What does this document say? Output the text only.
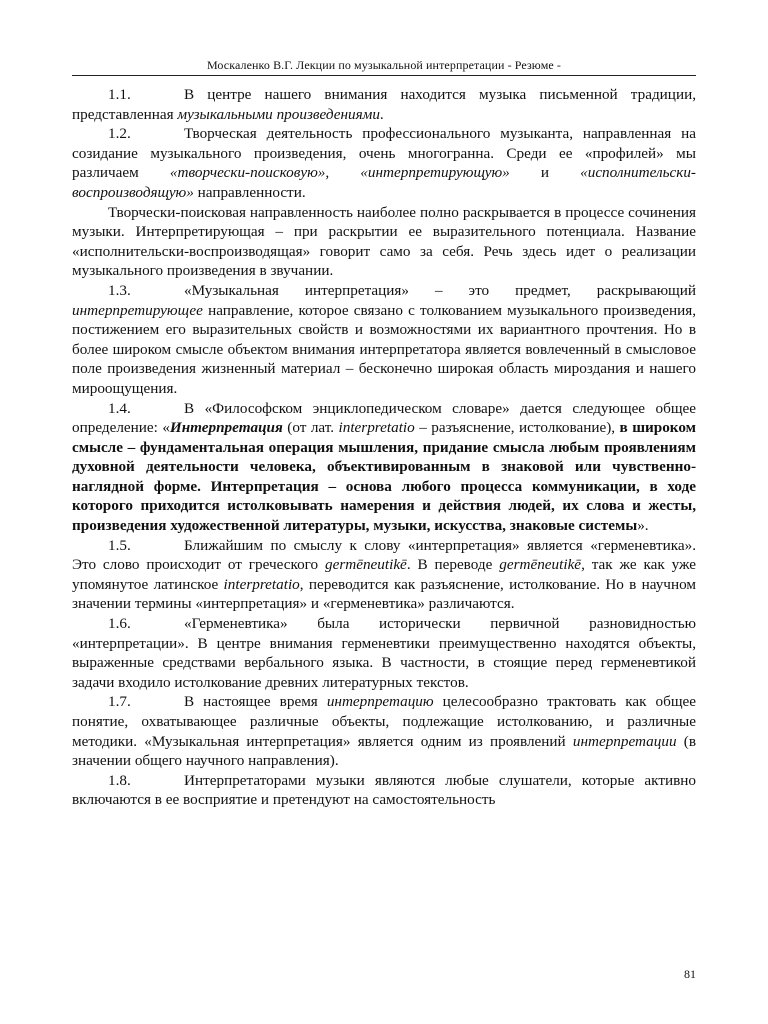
Москаленко В.Г. Лекции по музыкальной интерпретации - Резюме -

1.1.	В центре нашего внимания находится музыка письменной традиции, представленная музыкальными произведениями.

1.2.	Творческая деятельность профессионального музыканта, направленная на созидание музыкального произведения, очень многогранна. Среди ее «профилей» мы различаем «творчески-поисковую», «интерпретирующую» и «исполнительски-воспроизводящую» направленности.

Творчески-поисковая направленность наиболее полно раскрывается в процессе сочинения музыки. Интерпретирующая – при раскрытии ее выразительного потенциала. Название «исполнительски-воспроизводящая» говорит само за себя. Речь здесь идет о реализации музыкального произведения в звучании.

1.3.	«Музыкальная интерпретация» – это предмет, раскрывающий интерпретирующее направление, которое связано с толкованием музыкального произведения, постижением его выразительных свойств и возможностями их вариантного прочтения. Но в более широком смысле объектом внимания интерпретатора является вовлеченный в смысловое поле произведения жизненный материал – бесконечно широкая область мироздания и нашего мироощущения.

1.4.	В «Философском энциклопедическом словаре» дается следующее общее определение: «Интерпретация (от лат. interpretatio – разъяснение, истолкование), в широком смысле – фундаментальная операция мышления, придание смысла любым проявлениям духовной деятельности человека, объективированным в знаковой или чувственно-наглядной форме. Интерпретация – основа любого процесса коммуникации, в ходе которого приходится истолковывать намерения и действия людей, их слова и жесты, произведения художественной литературы, музыки, искусства, знаковые системы».

1.5.	Ближайшим по смыслу к слову «интерпретация» является «герменевтика». Это слово происходит от греческого germēneutikē. В переводе germēneutikē, так же как уже упомянутое латинское interpretatio, переводится как разъяснение, истолкование. Но в научном значении термины «интерпретация» и «герменевтика» различаются.

1.6.	«Герменевтика» была исторически первичной разновидностью «интерпретации». В центре внимания герменевтики преимущественно находятся объекты, выраженные средствами вербального языка. В частности, в стоящие перед герменевтикой задачи входило истолкование древних литературных текстов.

1.7.	В настоящее время интерпретацию целесообразно трактовать как общее понятие, охватывающее различные объекты, подлежащие истолкованию, и различные методики. «Музыкальная интерпретация» является одним из проявлений интерпретации (в значении общего научного направления).

1.8.	Интерпретаторами музыки являются любые слушатели, которые активно включаются в ее восприятие и претендуют на самостоятельность

81
